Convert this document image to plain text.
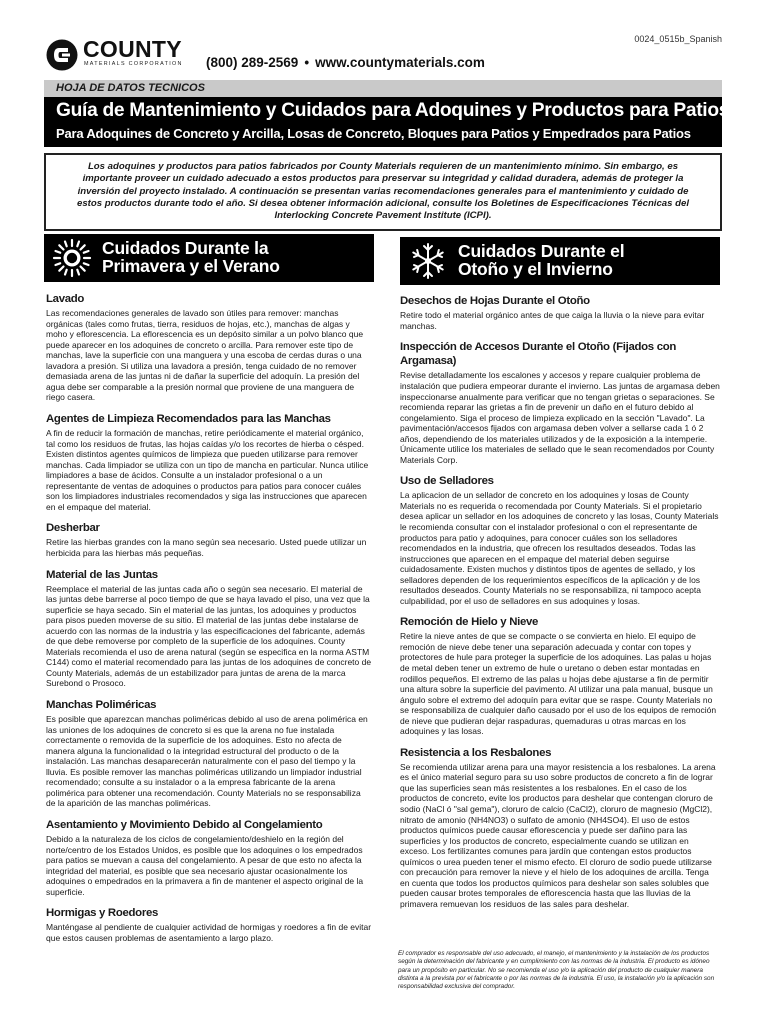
0024_0515b_Spanish
COUNTY
MATERIALS CORPORATION (800) 289-2569 • www.countymaterials.com
HOJA DE DATOS TECNICOS
Guía de Mantenimiento y Cuidados para Adoquines y Productos para Patios
Para Adoquines de Concreto y Arcilla, Losas de Concreto, Bloques para Patios y Empedrados para Patios

Los adoquines y productos para patios fabricados por County Materials requieren de un mantenimiento mínimo. Sin embargo, es importante proveer un cuidado adecuado a estos productos para preservar su integridad y calidad duradera, además de proteger la inversión del proyecto instalado. A continuación se presentan varias recomendaciones generales para el mantenimiento y cuidado de estos productos durante todo el año. Si desea obtener información adicional, consulte los Boletines de Especificaciones Técnicas del Interlocking Concrete Pavement Institute (ICPI).

Cuidados Durante la
Primavera y el Verano
Cuidados Durante el
Otoño y el Invierno
Lavado

Las recomendaciones generales de lavado son útiles para remover: manchas orgánicas (tales como frutas, tierra, residuos de hojas, etc.), manchas de algas y moho y eflorescencia. La eflorescencia es un depósito similar a un polvo blanco que puede aparecer en los adoquines de concreto o arcilla. Para remover este tipo de manchas, lave la superficie con una manguera y una escoba de cerdas duras o una lavadora a presión. Si utiliza una lavadora a presión, tenga cuidado de no remover demasiada arena de las juntas ni de dañar la superficie del adoquín. La presión del agua debe ser comparable a la presión normal que proviene de una manguera de riego casera.

Agentes de Limpieza Recomendados para las Manchas

A fin de reducir la formación de manchas, retire periódicamente el material orgánico, tal como los residuos de frutas, las hojas caídas y/o los recortes de hierba o césped. Existen distintos agentes químicos de limpieza que pueden utilizarse para remover manchas. Cada limpiador se utiliza con un tipo de mancha en particular. Nunca utilice limpiadores a base de ácidos. Consulte a un instalador profesional o a un representante de ventas de adoquines o productos para patios para conocer cuáles son los limpiadores industriales recomendados y siga las instrucciones que aparecen en el empaque del material.

Desherbar

Retire las hierbas grandes con la mano según sea necesario. Usted puede utilizar un herbicida para las hierbas más pequeñas.

Material de las Juntas

Reemplace el material de las juntas cada año o según sea necesario. El material de las juntas debe barrerse al poco tiempo de que se haya lavado el piso, una vez que la superficie se haya secado. Sin el material de las juntas, los adoquines y productos para pisos pueden moverse de su sitio. El material de las juntas debe instalarse de acuerdo con las normas de la industria y las especificaciones del fabricante, además de que debe removerse por completo de la superficie de los adoquines. County Materials recomienda el uso de arena natural (según se especifica en la norma ASTM C144) como el material recomendado para las juntas de los adoquines de concreto de County Materials, además de un estabilizador para juntas de arena de la marca Surebond o Prosoco.

Manchas Poliméricas

Es posible que aparezcan manchas poliméricas debido al uso de arena polimérica en las uniones de los adoquines de concreto si es que la arena no fue instalada correctamente o removida de la superficie de los adoquines. Esto no afecta de manera alguna la funcionalidad o la integridad estructural del producto o de la instalación. Las manchas desaparecerán naturalmente con el paso del tiempo y la lluvia. Es posible remover las manchas poliméricas utilizando un limpiador industrial recomendado; consulte a su instalador o a la empresa fabricante de la arena polimérica para obtener una recomendación. County Materials no se responsabiliza de la aparición de las manchas poliméricas.

Asentamiento y Movimiento Debido al Congelamiento

Debido a la naturaleza de los ciclos de congelamiento/deshielo en la región del norte/centro de los Estados Unidos, es posible que los adoquines o los empedrados para patios se muevan a causa del congelamiento. A pesar de que esto no afecta la integridad del material, es posible que sea necesario ajustar ocasionalmente los adoquines o empedrados en la primavera a fin de mantener el aspecto original de la superficie.

Hormigas y Roedores

Manténgase al pendiente de cualquier actividad de hormigas y roedores a fin de evitar que estos causen problemas de asentamiento a largo plazo.

Desechos de Hojas Durante el Otoño

Retire todo el material orgánico antes de que caiga la lluvia o la nieve para evitar manchas.

Inspección de Accesos Durante el Otoño (Fijados con Argamasa)

Revise detalladamente los escalones y accesos y repare cualquier problema de instalación que pudiera empeorar durante el invierno. Las juntas de argamasa deben inspeccionarse anualmente para verificar que no tengan grietas o separaciones. Se recomienda reparar las grietas a fin de prevenir un daño en el futuro debido al congelamiento. Siga el proceso de limpieza explicado en la sección "Lavado". La pavimentación/accesos fijados con argamasa deben volver a sellarse cada 1 ó 2 años, dependiendo de los materiales utilizados y de la exposición a la intemperie. Únicamente utilice los materiales de sellado que le sean recomendados por County Materials Corp.

Uso de Selladores

La aplicacion de un sellador de concreto en los adoquines y losas de County Materials no es requerida o recomendada por County Materials. Si el propietario desea aplicar un sellador en los adoquines de concreto y las losas, County Materials le recomienda consultar con el instalador profesional o con el representante de productos para patio y adoquines, para conocer cuáles son los selladores recomendados en la industria, que ofrecen los resultados deseados. Todas las instrucciones que aparecen en el empaque del material deben seguirse cuidadosamente. Existen muchos y distintos tipos de agentes de sellado, y los selladores dependen de los requerimientos específicos de la aplicación y de los resultados deseados. County Materials no se responsabiliza, ni tampoco acepta culpabilidad, por el uso de selladores en sus adoquines y losas.

Remoción de Hielo y Nieve

Retire la nieve antes de que se compacte o se convierta en hielo. El equipo de remoción de nieve debe tener una separación adecuada y contar con topes y protectores de hule para proteger la superficie de los adoquines. Las palas u hojas de metal deben tener un extremo de hule o uretano o deben estar montadas en rodillos pequeños. El extremo de las palas u hojas debe ajustarse a fin de permitir una altura sobre la superficie del pavimento. Al utilizar una pala manual, busque un ángulo sobre el extremo del adoquín para evitar que se raspe. County Materials no se responsabiliza de cualquier daño causado por el uso de los equipos de remoción de nieve que pudieran dejar raspaduras, quemaduras u otras marcas en los adoquines y las losas.

Resistencia a los Resbalones

Se recomienda utilizar arena para una mayor resistencia a los resbalones. La arena es el único material seguro para su uso sobre productos de concreto a fin de lograr que las superficies sean más resistentes a los resbalones. En el caso de los productos de concreto, evite los productos para deshelar que contengan cloruro de sodio (NaCl ó "sal gema"), cloruro de calcio (CaCl2), cloruro de magnesio (MgCl2), nitrato de amonio (NH4NO3) o sulfato de amonio (NH4SO4). El uso de estos productos químicos puede causar eflorescencia y puede ser dañino para las superficies y los productos de concreto, especialmente cuando se utilizan en exceso. Los fertilizantes comunes para jardín que contengan estos productos químicos o urea pueden tener el mismo efecto. El cloruro de sodio puede utilizarse con precaución para remover la nieve y el hielo de los adoquines de arcilla. Tenga en cuenta que todos los productos químicos para deshelar son sales solubles que pueden causar brotes temporales de eflorescencia hasta que las lluvias de la primavera remuevan los residuos de las sales para deshelar.

El comprador es responsable del uso adecuado, el manejo, el mantenimiento y la instalación de los productos según la determinación del fabricante y en cumplimiento con las normas de la industria. El producto es idóneo para un propósito en particular. No se recomienda el uso y/o la aplicación del producto de cualquier manera distinta a la prevista por el fabricante o por las normas de la industria. El uso, la instalación y/o la aplicación son responsabilidad exclusiva del comprador.
